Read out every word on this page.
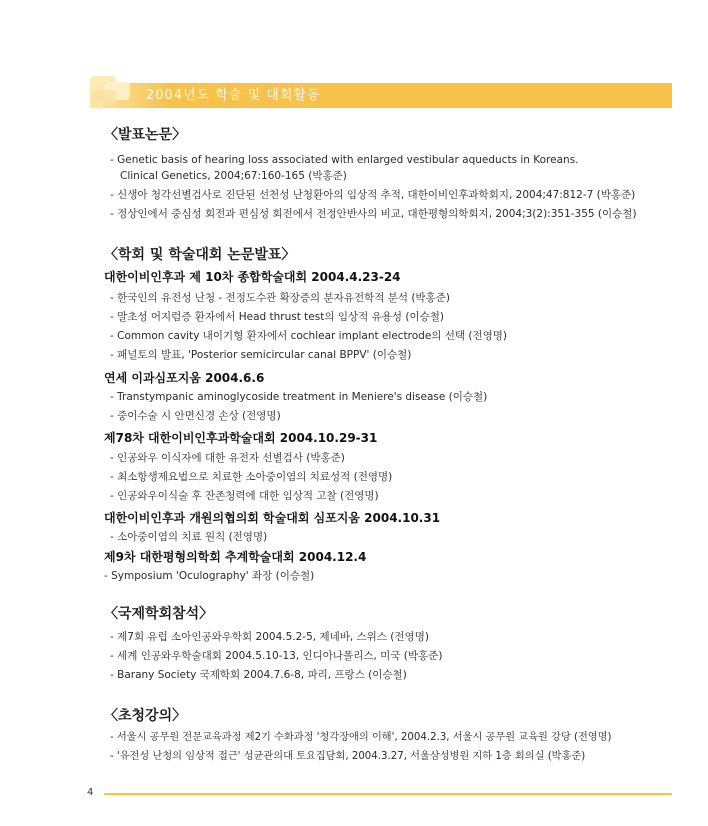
2004년도 학술 및 대회활동
〈발표논문〉
- Genetic basis of hearing loss associated with enlarged vestibular aqueducts in Koreans.
Clinical Genetics, 2004;67:160-165 (박홍준)
- 신생아 청각선별검사로 진단된 선천성 난청환아의 임상적 추적, 대한이비인후과학회지, 2004;47:812-7 (박홍준)
- 정상인에서 중심성 회전과 편심성 회전에서 전정안반사의 비교, 대한평형의학회지, 2004;3(2):351-355 (이승철)
〈학회 및 학술대회 논문발표〉
대한이비인후과 제 10차 종합학술대회 2004.4.23-24
- 한국인의 유전성 난청 - 전정도수관 확장증의 분자유전학적 분석 (박홍준)
- 말초성 어지럼증 환자에서 Head thrust test의 임상적 유용성 (이승철)
- Common cavity 내이기형 환자에서 cochlear implant electrode의 선택 (전영명)
- 패널토의 발표, 'Posterior semicircular canal BPPV' (이승철)
연세 이과심포지움 2004.6.6
- Transtympanic aminoglycoside treatment in Meniere's disease (이승철)
- 중이수술 시 안면신경 손상 (전영명)
제78차 대한이비인후과학술대회 2004.10.29-31
- 인공와우 이식자에 대한 유전자 선별검사 (박홍준)
- 최소항생제요법으로 치료한 소아중이염의 치료성적 (전영명)
- 인공와우이식술 후 잔존청력에 대한 임상적 고찰 (전영명)
대한이비인후과 개원의협의회 학술대회 심포지움 2004.10.31
- 소아중이염의 치료 원칙 (전영명)
제9차 대한평형의학회 추계학술대회 2004.12.4
- Symposium 'Oculography' 좌장 (이승철)
〈국제학회참석〉
- 제7회 유럽 소아인공와우학회 2004.5.2-5, 제네바, 스위스 (전영명)
- 세계 인공와우학술대회 2004.5.10-13, 인디아나폴리스, 미국 (박홍준)
- Barany Society 국제학회 2004.7.6-8, 파리, 프랑스 (이승철)
〈초청강의〉
- 서울시 공무원 전문교육과정 제2기 수화과정 '청각장애의 이해', 2004.2.3, 서울시 공무원 교육원 강당 (전영명)
- '유전성 난청의 임상적 접근' 성균관의대 토요집담회, 2004.3.27, 서울삼성병원 지하 1층 회의실 (박홍준)
4
